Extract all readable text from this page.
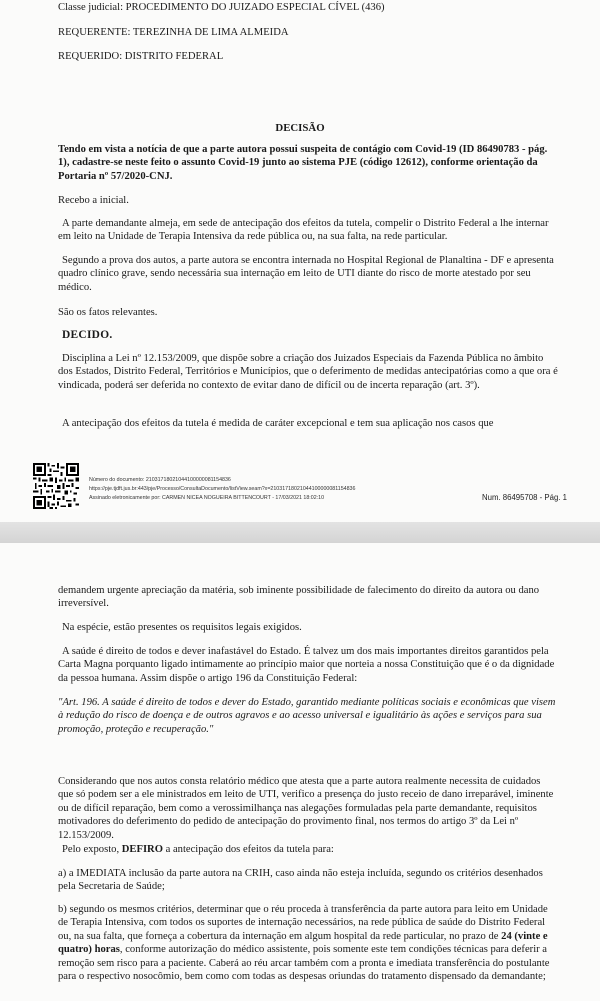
Classe judicial: PROCEDIMENTO DO JUIZADO ESPECIAL CÍVEL (436)

REQUERENTE: TEREZINHA DE LIMA ALMEIDA

REQUERIDO: DISTRITO FEDERAL

DECISÃO

Tendo em vista a notícia de que a parte autora possui suspeita de contágio com Covid-19 (ID 86490783 - pág. 1), cadastre-se neste feito o assunto Covid-19 junto ao sistema PJE (código 12612), conforme orientação da Portaria nº 57/2020-CNJ.

Recebo a inicial.

A parte demandante almeja, em sede de antecipação dos efeitos da tutela, compelir o Distrito Federal a lhe internar em leito na Unidade de Terapia Intensiva da rede pública ou, na sua falta, na rede particular.

Segundo a prova dos autos, a parte autora se encontra internada no Hospital Regional de Planaltina - DF e apresenta quadro clínico grave, sendo necessária sua internação em leito de UTI diante do risco de morte atestado por seu médico.

São os fatos relevantes.

DECIDO.

Disciplina a Lei nº 12.153/2009, que dispõe sobre a criação dos Juizados Especiais da Fazenda Pública no âmbito dos Estados, Distrito Federal, Territórios e Municípios, que o deferimento de medidas antecipatórias como a que ora é vindicada, poderá ser deferida no contexto de evitar dano de difícil ou de incerta reparação (art. 3º).

A antecipação dos efeitos da tutela é medida de caráter excepcional e tem sua aplicação nos casos que

Número do documento: 21031718021044100000081154836
https://pje.tjdft.jus.br:443/pje/Processo/ConsultaDocumento/listView.seam?x=21031718021044100000081154836
Assinado eletronicamente por: CARMEN NICEA NOGUEIRA BITTENCOURT - 17/03/2021 18:02:10	Num. 86495708 - Pág. 1

demandem urgente apreciação da matéria, sob iminente possibilidade de falecimento do direito da autora ou dano irreversível.

Na espécie, estão presentes os requisitos legais exigidos.

A saúde é direito de todos e dever inafastável do Estado. É talvez um dos mais importantes direitos garantidos pela Carta Magna porquanto ligado intimamente ao princípio maior que norteia a nossa Constituição que é o da dignidade da pessoa humana. Assim dispõe o artigo 196 da Constituição Federal:

"Art. 196. A saúde é direito de todos e dever do Estado, garantido mediante políticas sociais e econômicas que visem à redução do risco de doença e de outros agravos e ao acesso universal e igualitário às ações e serviços para sua promoção, proteção e recuperação."

Considerando que nos autos consta relatório médico que atesta que a parte autora realmente necessita de cuidados que só podem ser a ele ministrados em leito de UTI, verifico a presença do justo receio de dano irreparável, iminente ou de difícil reparação, bem como a verossimilhança nas alegações formuladas pela parte demandante, requisitos motivadores do deferimento do pedido de antecipação do provimento final, nos termos do artigo 3º da Lei nº 12.153/2009.

Pelo exposto, DEFIRO a antecipação dos efeitos da tutela para:

a) a IMEDIATA inclusão da parte autora na CRIH, caso ainda não esteja incluída, segundo os critérios desenhados pela Secretaria de Saúde;

b) segundo os mesmos critérios, determinar que o réu proceda à transferência da parte autora para leito em Unidade de Terapia Intensiva, com todos os suportes de internação necessários, na rede pública de saúde do Distrito Federal ou, na sua falta, que forneça a cobertura da internação em algum hospital da rede particular, no prazo de 24 (vinte e quatro) horas, conforme autorização do médico assistente, pois somente este tem condições técnicas para deferir a remoção sem risco para a paciente. Caberá ao réu arcar também com a pronta e imediata transferência do postulante para o respectivo nosocômio, bem como com todas as despesas oriundas do tratamento dispensado da demandante;
